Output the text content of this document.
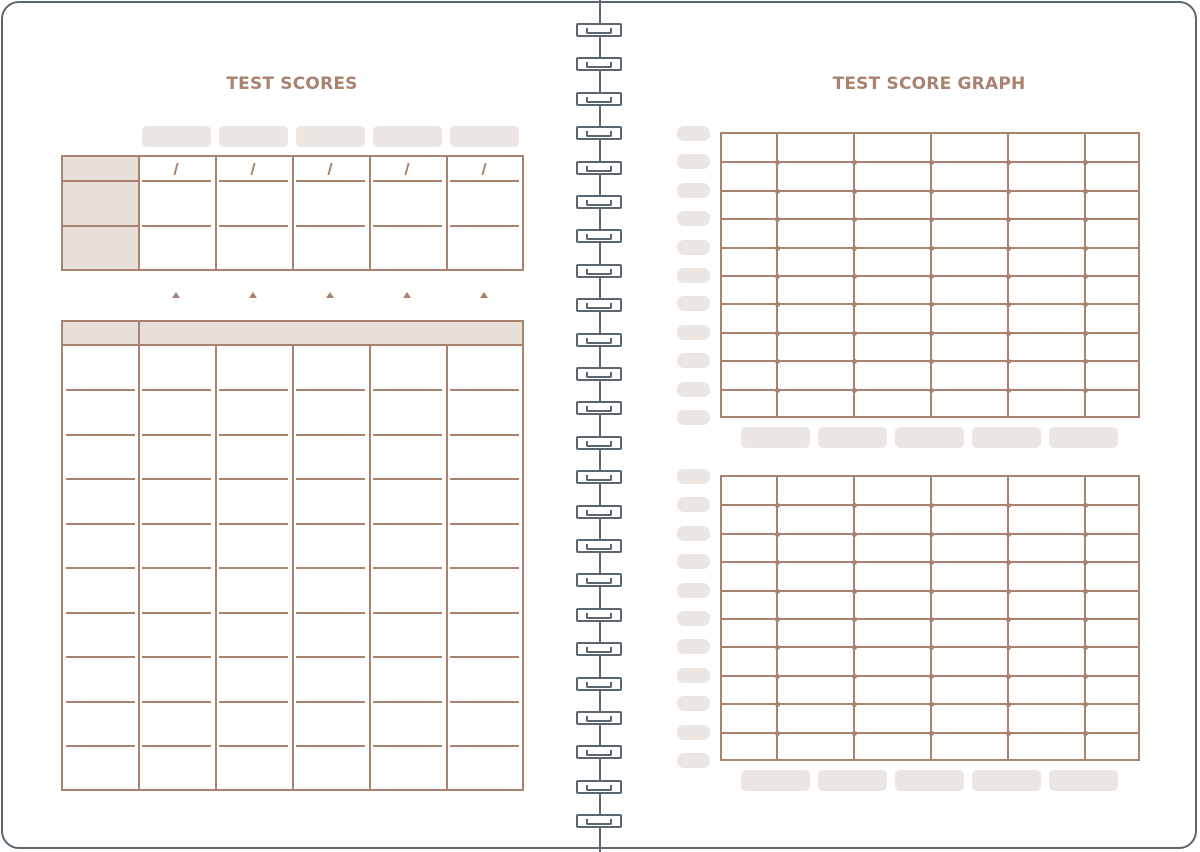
TEST SCORES	TEST SCORE GRAPH
